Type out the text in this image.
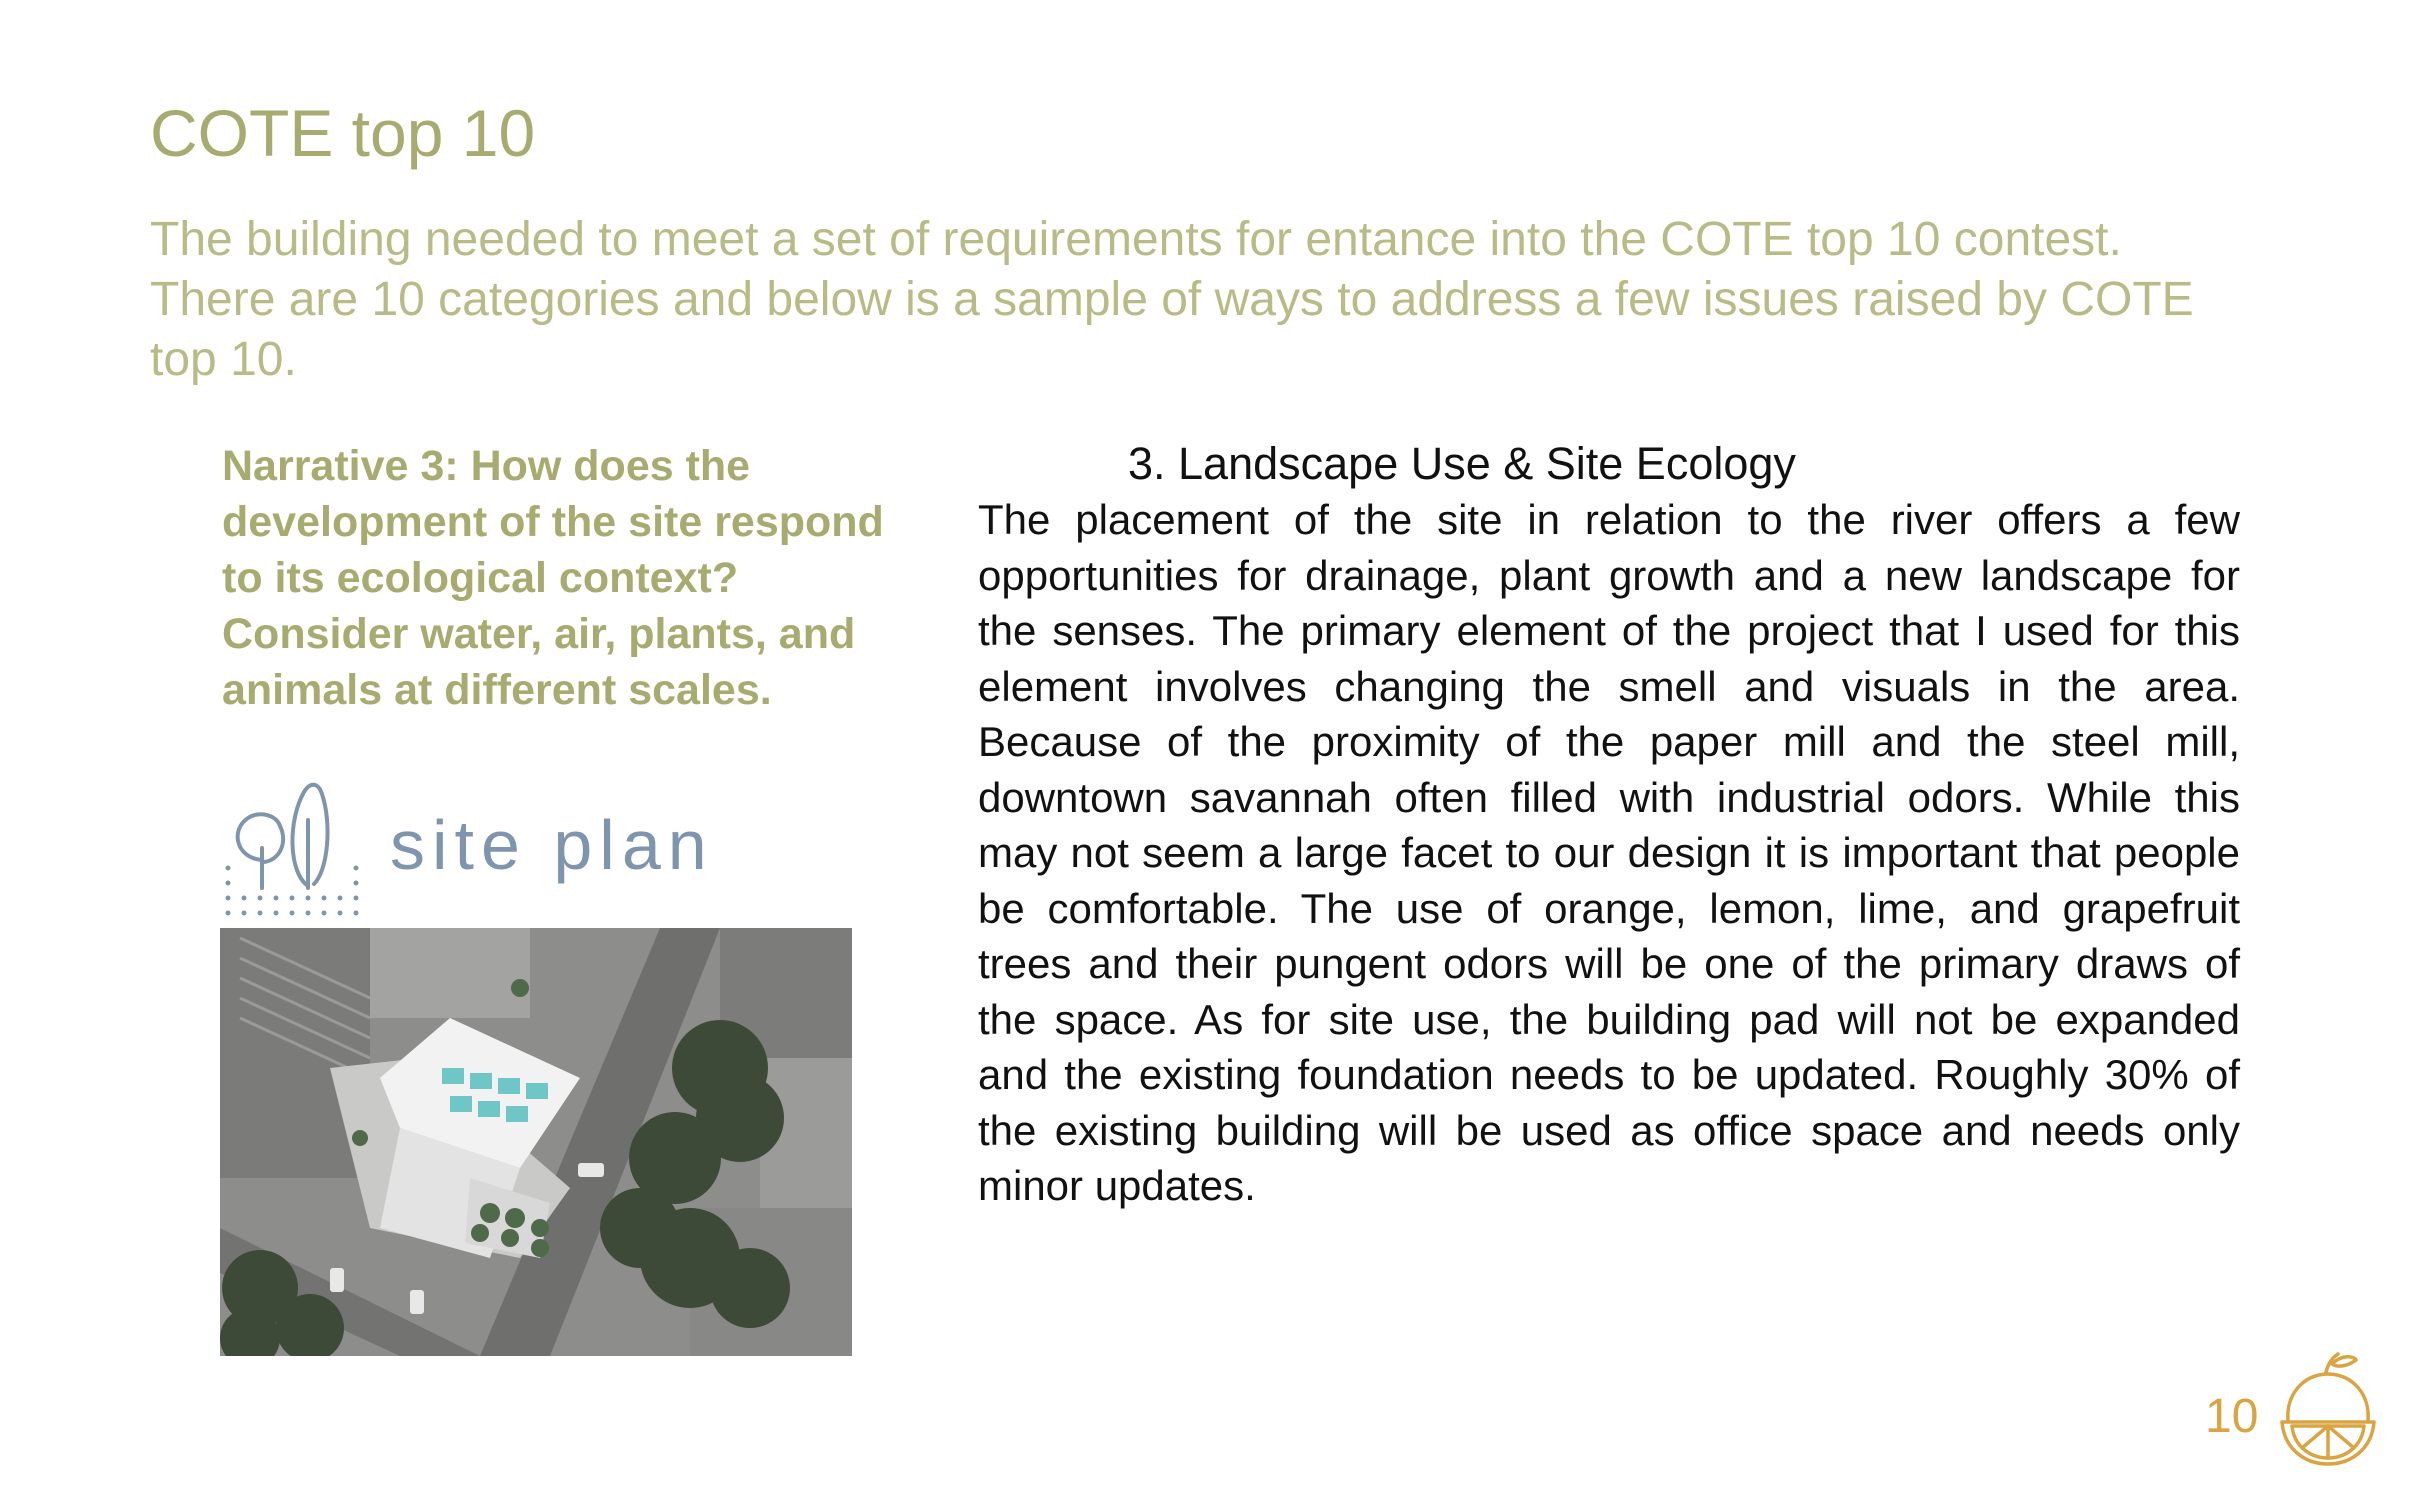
COTE top 10
The building needed to meet a set of requirements for entance into the COTE top 10 contest. There are 10 categories and below is a sample of ways to address a few issues raised by COTE top 10.
Narrative 3: How does the development of the site respond to its ecological context? Consider water, air, plants, and animals at different scales.
site plan
3. Landscape Use & Site Ecology
The placement of the site in relation to the river offers a few opportunities for drainage, plant growth and a new landscape for the senses. The primary element of the project that I used for this element involves changing the smell and visuals in the area. Because of the proximity of the paper mill and the steel mill, downtown savannah often filled with industrial odors. While this may not seem a large facet to our design it is important that people be comfortable. The use of orange, lemon, lime, and grapefruit trees and their pungent odors will be one of the primary draws of the space. As for site use, the building pad will not be expanded and the existing foundation needs to be updated. Roughly 30% of the existing building will be used as office space and needs only minor updates.
10
